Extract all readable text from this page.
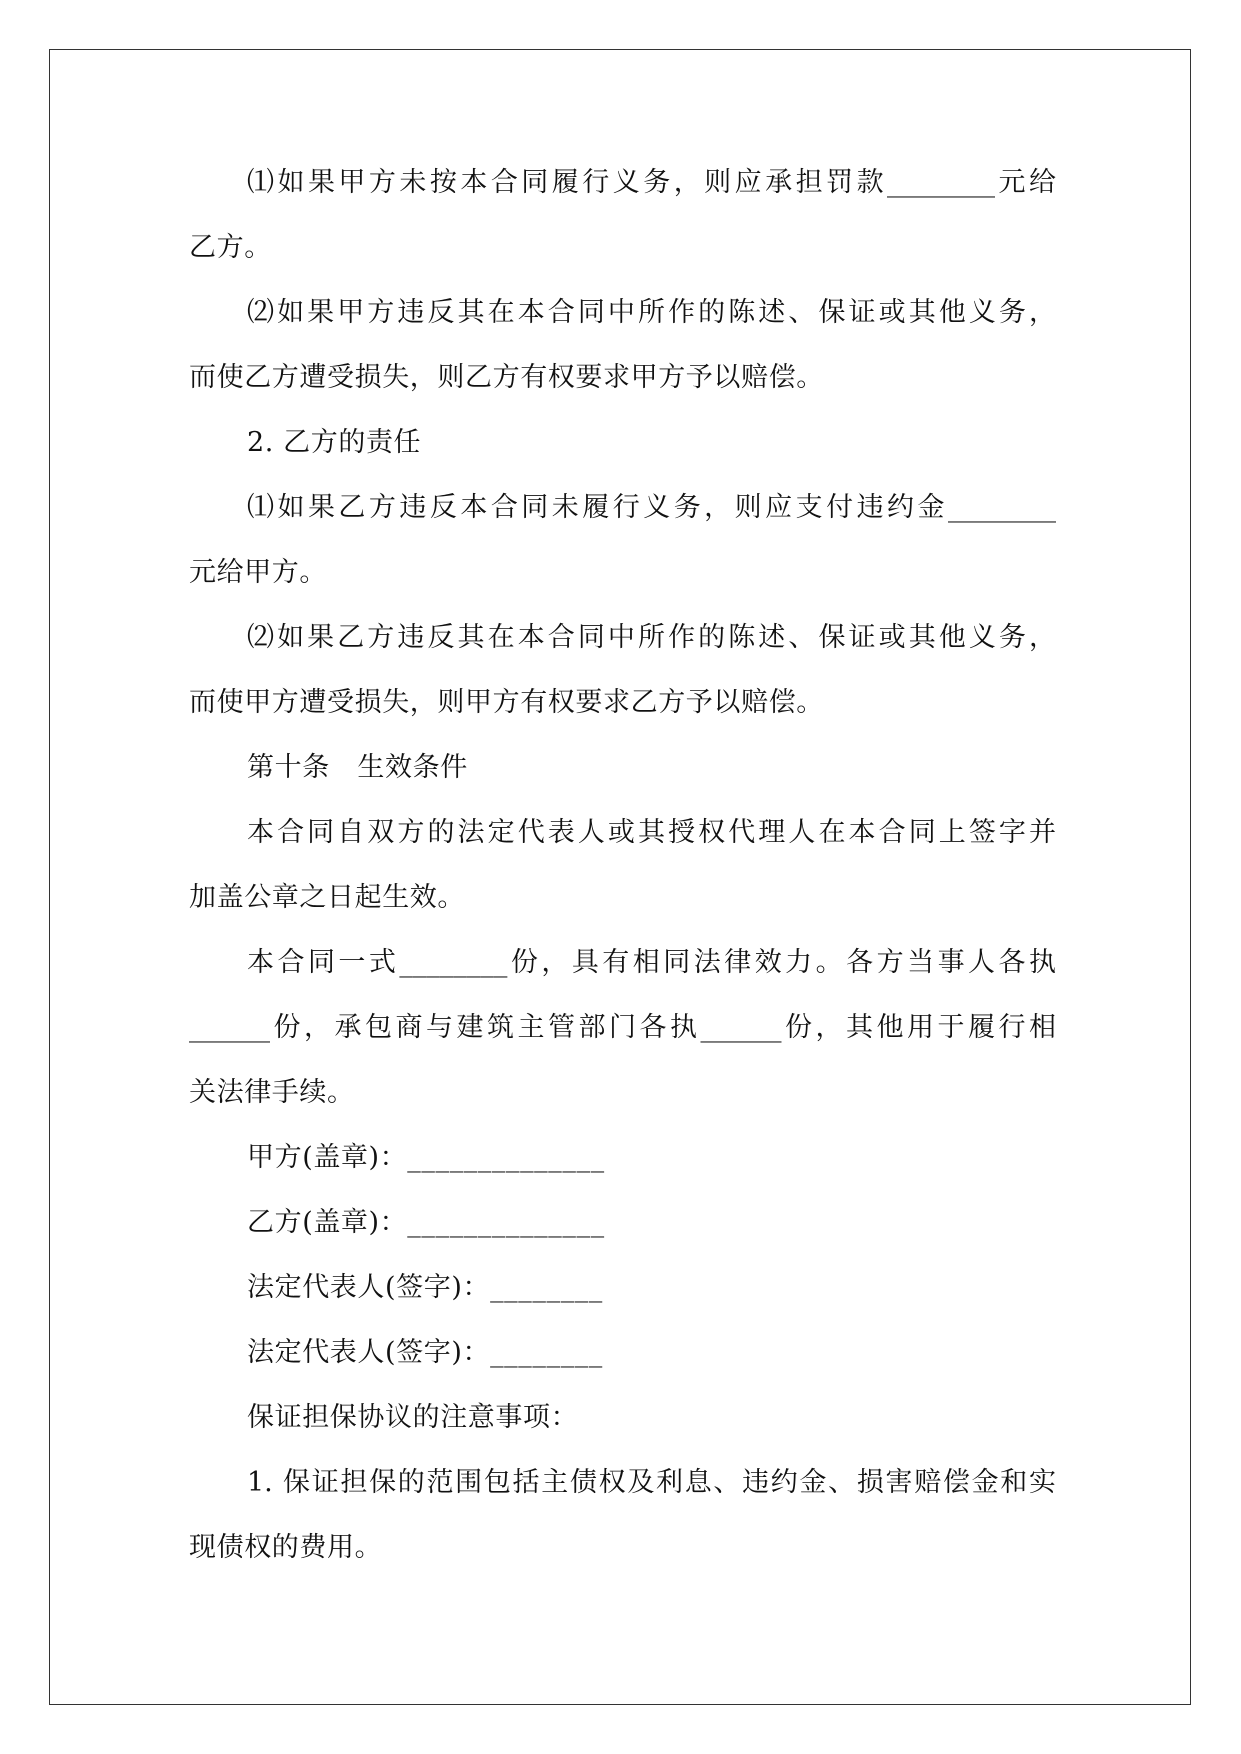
⑴如果甲方未按本合同履行义务，则应承担罚款________元给
乙方。
⑵如果甲方违反其在本合同中所作的陈述、保证或其他义务，
而使乙方遭受损失，则乙方有权要求甲方予以赔偿。
2. 乙方的责任
⑴如果乙方违反本合同未履行义务，则应支付违约金________
元给甲方。
⑵如果乙方违反其在本合同中所作的陈述、保证或其他义务，
而使甲方遭受损失，则甲方有权要求乙方予以赔偿。
第十条　生效条件
本合同自双方的法定代表人或其授权代理人在本合同上签字并
加盖公章之日起生效。
本合同一式________份，具有相同法律效力。各方当事人各执
______份，承包商与建筑主管部门各执______份，其他用于履行相
关法律手续。
甲方(盖章)：______________
乙方(盖章)：______________
法定代表人(签字)：________
法定代表人(签字)：________
保证担保协议的注意事项：
1. 保证担保的范围包括主债权及利息、违约金、损害赔偿金和实
现债权的费用。
